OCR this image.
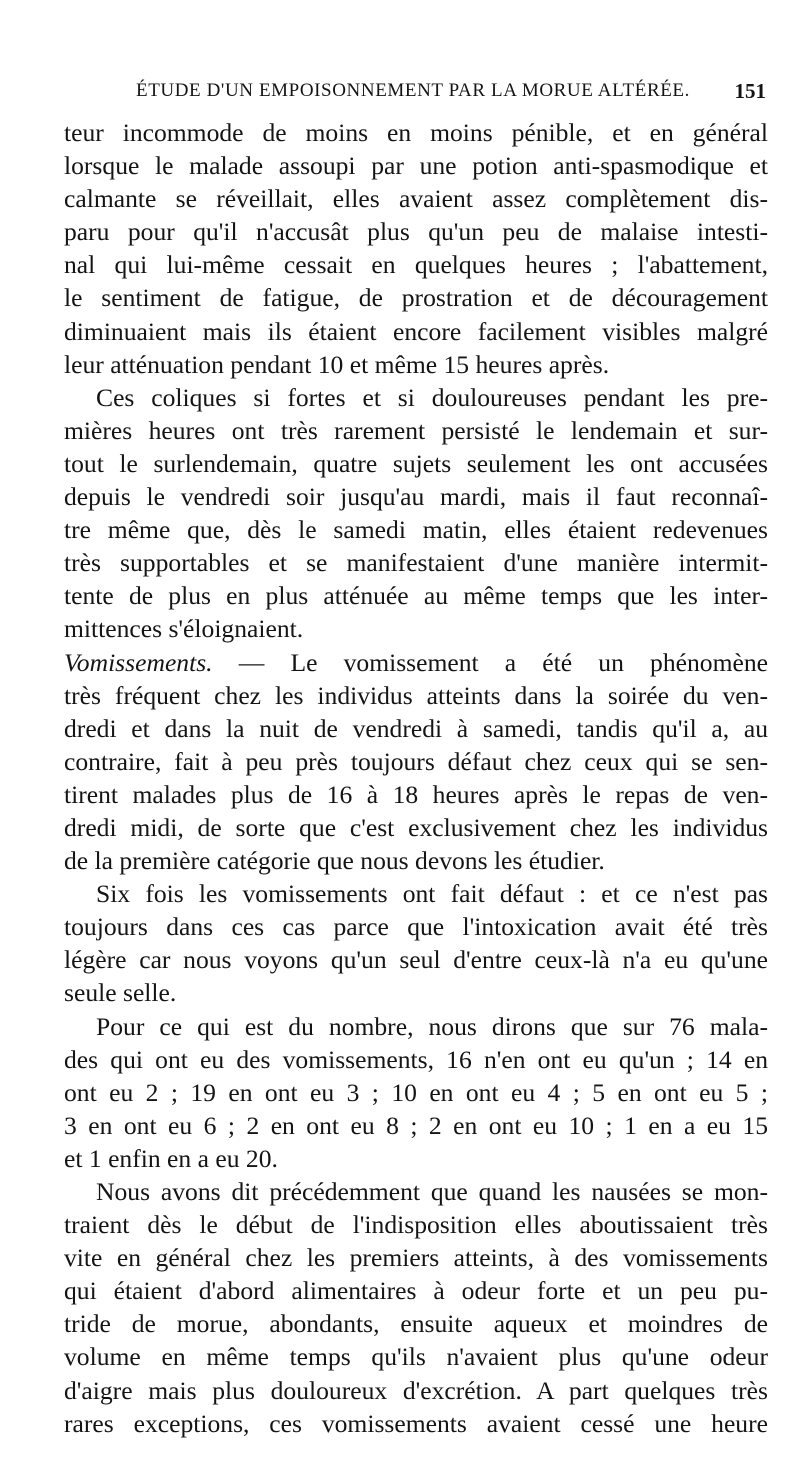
ÉTUDE D'UN EMPOISONNEMENT PAR LA MORUE ALTÉRÉE. 151
teur incommode de moins en moins pénible, et en général
lorsque le malade assoupi par une potion anti-spasmodique et
calmante se réveillait, elles avaient assez complètement dis-
paru pour qu'il n'accusât plus qu'un peu de malaise intesti-
nal qui lui-même cessait en quelques heures ; l'abattement,
le sentiment de fatigue, de prostration et de découragement
diminuaient mais ils étaient encore facilement visibles malgré
leur atténuation pendant 10 et même 15 heures après.
Ces coliques si fortes et si douloureuses pendant les pre-
mières heures ont très rarement persisté le lendemain et sur-
tout le surlendemain, quatre sujets seulement les ont accusées
depuis le vendredi soir jusqu'au mardi, mais il faut reconnaî-
tre même que, dès le samedi matin, elles étaient redevenues
très supportables et se manifestaient d'une manière intermit-
tente de plus en plus atténuée au même temps que les inter-
mittences s'éloignaient.
Vomissements. — Le vomissement a été un phénomène
très fréquent chez les individus atteints dans la soirée du ven-
dredi et dans la nuit de vendredi à samedi, tandis qu'il a, au
contraire, fait à peu près toujours défaut chez ceux qui se sen-
tirent malades plus de 16 à 18 heures après le repas de ven-
dredi midi, de sorte que c'est exclusivement chez les individus
de la première catégorie que nous devons les étudier.
Six fois les vomissements ont fait défaut : et ce n'est pas
toujours dans ces cas parce que l'intoxication avait été très
légère car nous voyons qu'un seul d'entre ceux-là n'a eu qu'une
seule selle.
Pour ce qui est du nombre, nous dirons que sur 76 mala-
des qui ont eu des vomissements, 16 n'en ont eu qu'un ; 14 en
ont eu 2 ; 19 en ont eu 3 ; 10 en ont eu 4 ; 5 en ont eu 5 ;
3 en ont eu 6 ; 2 en ont eu 8 ; 2 en ont eu 10 ; 1 en a eu 15
et 1 enfin en a eu 20.
Nous avons dit précédemment que quand les nausées se mon-
traient dès le début de l'indisposition elles aboutissaient très
vite en général chez les premiers atteints, à des vomissements
qui étaient d'abord alimentaires à odeur forte et un peu pu-
tride de morue, abondants, ensuite aqueux et moindres de
volume en même temps qu'ils n'avaient plus qu'une odeur
d'aigre mais plus douloureux d'excrétion. A part quelques très
rares exceptions, ces vomissements avaient cessé une heure
